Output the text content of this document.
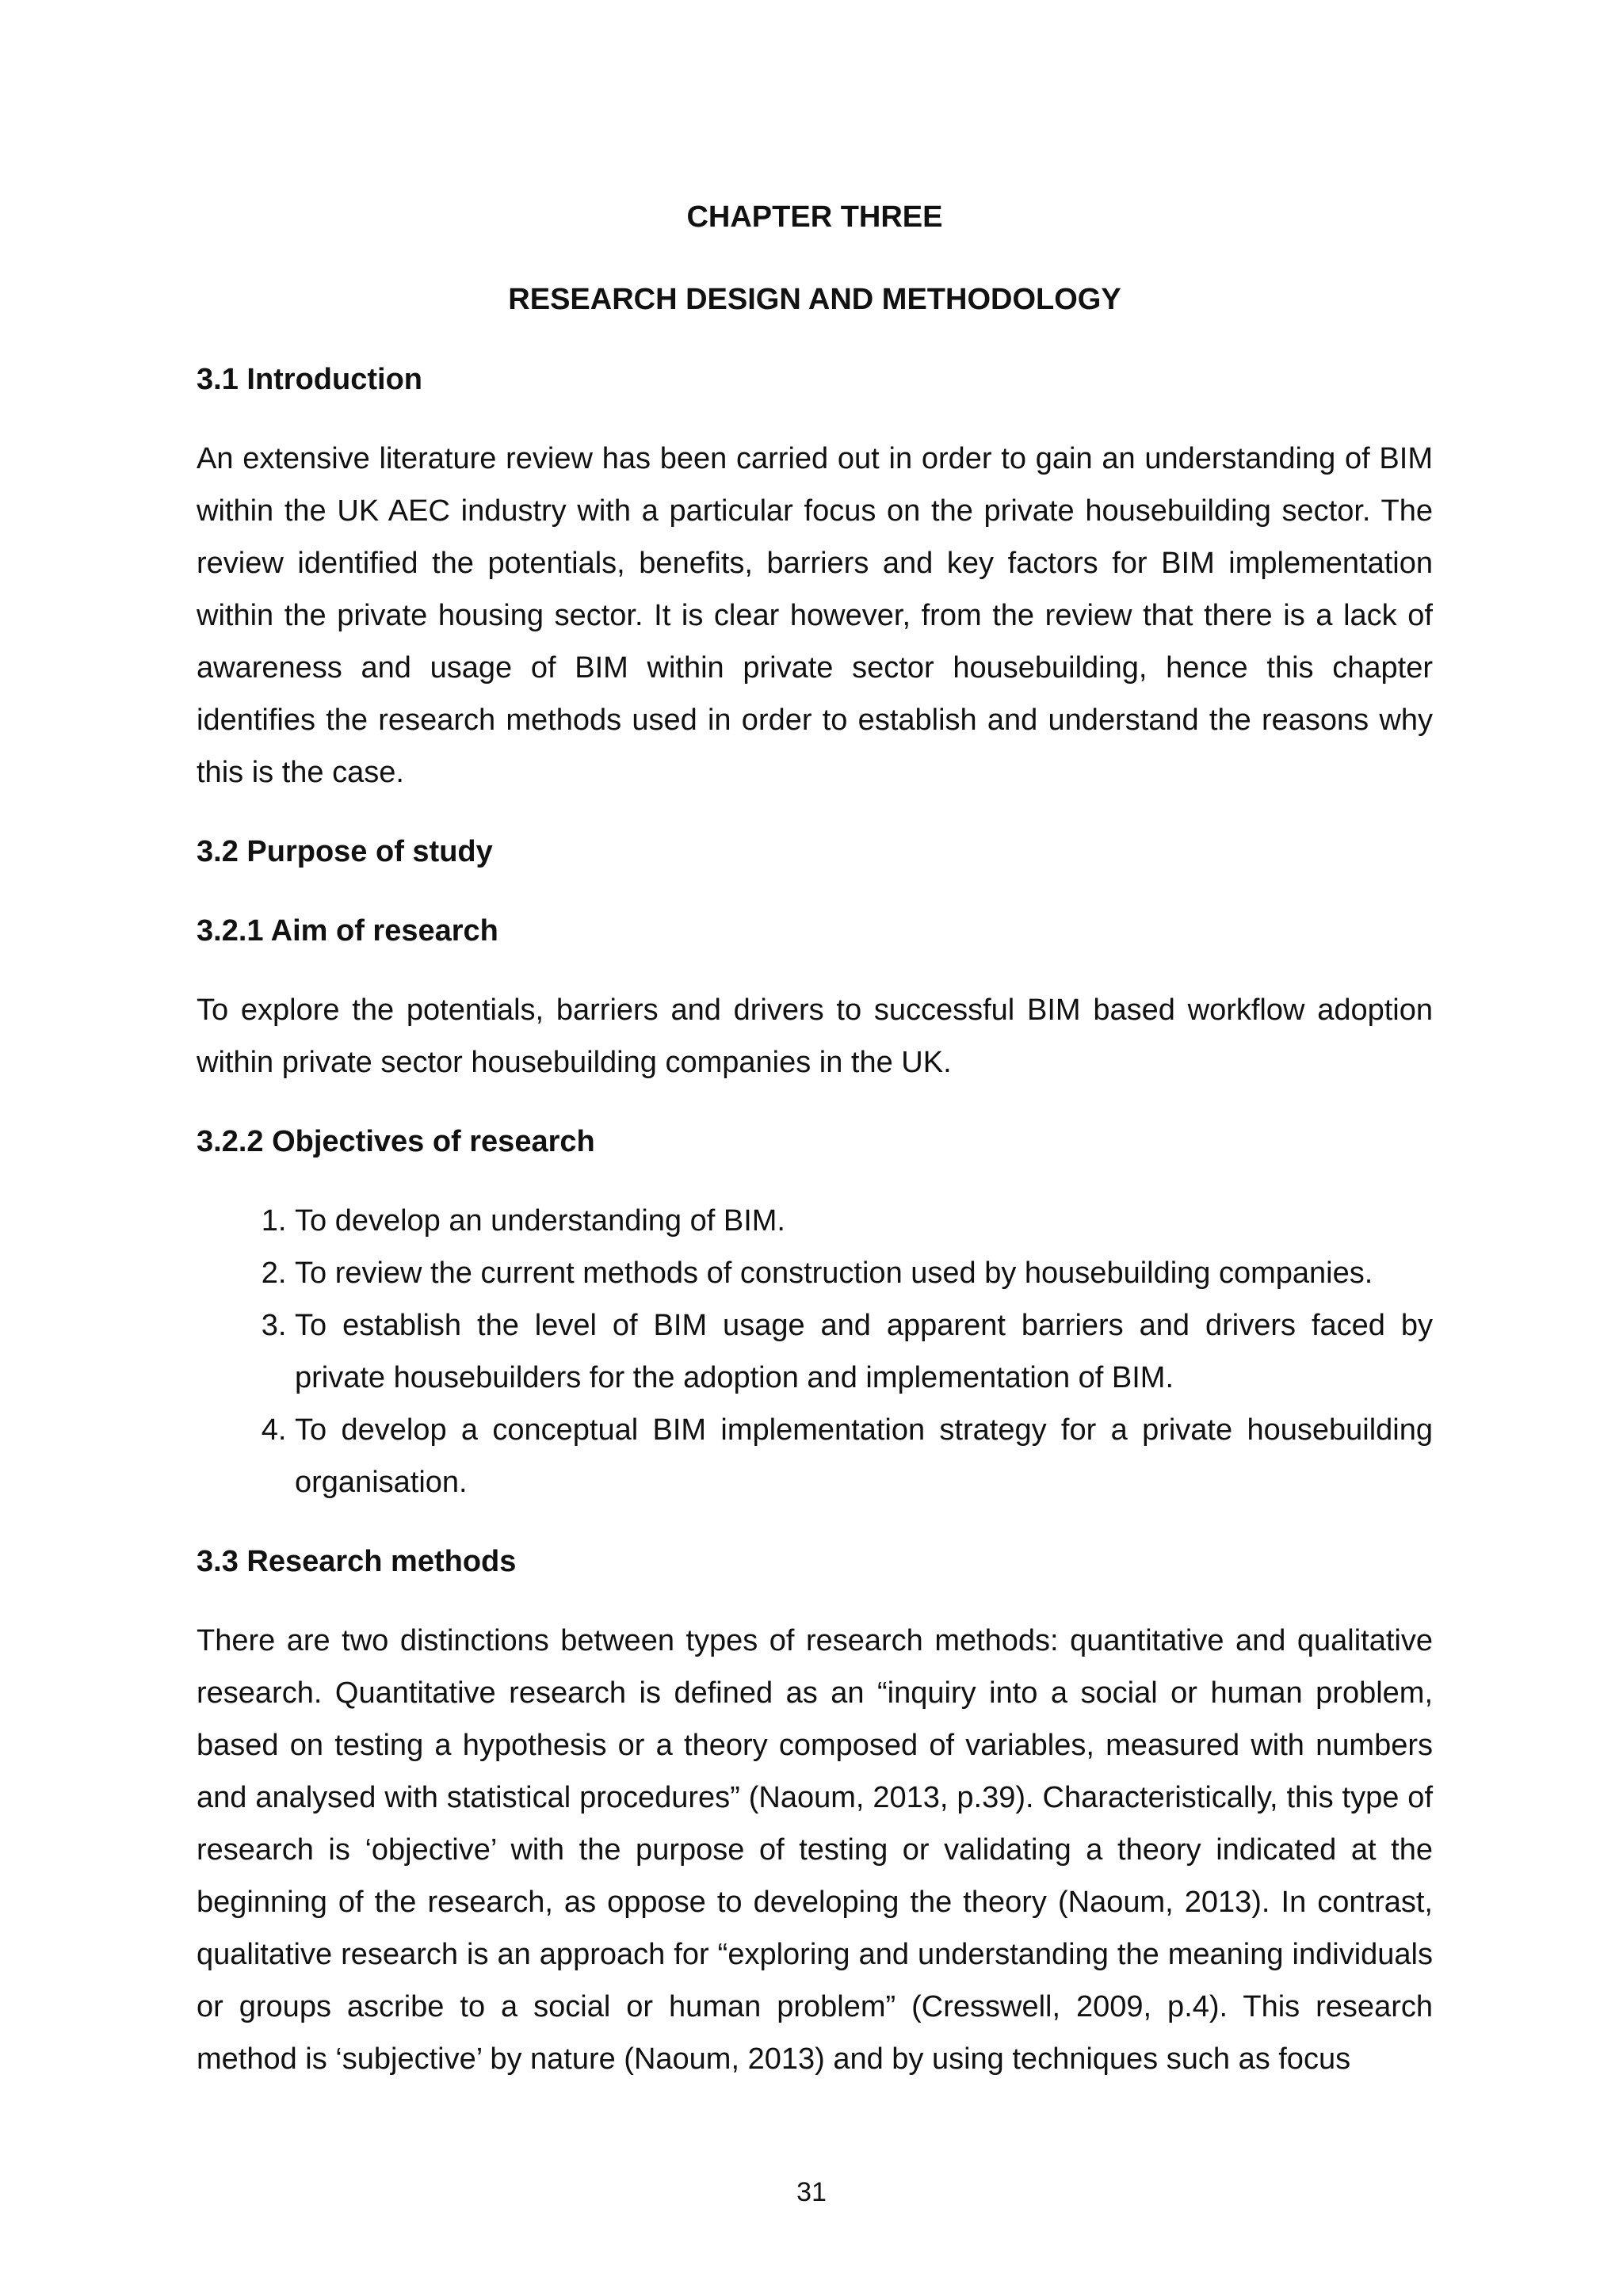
CHAPTER THREE
RESEARCH DESIGN AND METHODOLOGY
3.1 Introduction

An extensive literature review has been carried out in order to gain an understanding of BIM within the UK AEC industry with a particular focus on the private housebuilding sector. The review identified the potentials, benefits, barriers and key factors for BIM implementation within the private housing sector. It is clear however, from the review that there is a lack of awareness and usage of BIM within private sector housebuilding, hence this chapter identifies the research methods used in order to establish and understand the reasons why this is the case.

3.2 Purpose of study
3.2.1 Aim of research

To explore the potentials, barriers and drivers to successful BIM based workflow adoption within private sector housebuilding companies in the UK.

3.2.2 Objectives of research
1. To develop an understanding of BIM.
2. To review the current methods of construction used by housebuilding companies.
3. To establish the level of BIM usage and apparent barriers and drivers faced by private housebuilders for the adoption and implementation of BIM.
4. To develop a conceptual BIM implementation strategy for a private housebuilding organisation.
3.3 Research methods

There are two distinctions between types of research methods: quantitative and qualitative research. Quantitative research is defined as an “inquiry into a social or human problem, based on testing a hypothesis or a theory composed of variables, measured with numbers and analysed with statistical procedures” (Naoum, 2013, p.39). Characteristically, this type of research is ‘objective’ with the purpose of testing or validating a theory indicated at the beginning of the research, as oppose to developing the theory (Naoum, 2013). In contrast, qualitative research is an approach for “exploring and understanding the meaning individuals or groups ascribe to a social or human problem” (Cresswell, 2009, p.4). This research method is ‘subjective’ by nature (Naoum, 2013) and by using techniques such as focus

31
